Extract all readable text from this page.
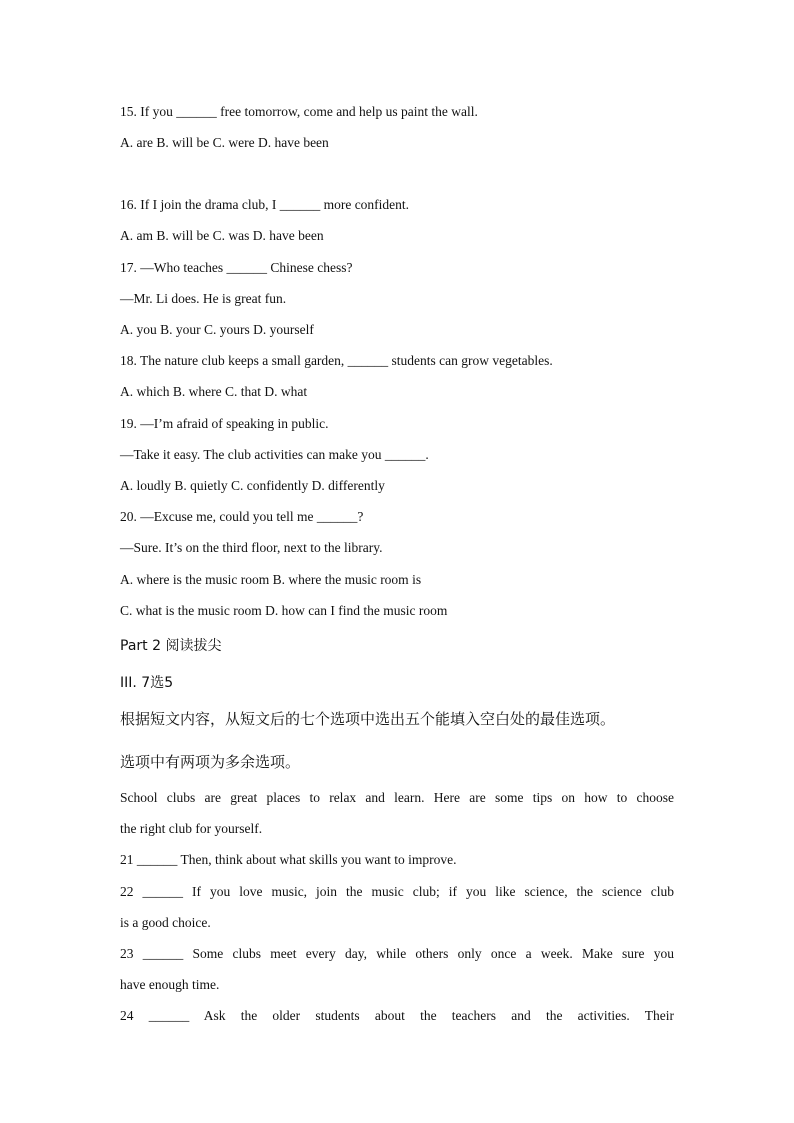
15. If you ______ free tomorrow, come and help us paint the wall.
A. are B. will be C. were D. have been
16. If I join the drama club, I ______ more confident.
A. am B. will be C. was D. have been
17. —Who teaches ______ Chinese chess?
—Mr. Li does. He is great fun.
A. you B. your C. yours D. yourself
18. The nature club keeps a small garden, ______ students can grow vegetables.
A. which B. where C. that D. what
19. —I’m afraid of speaking in public.
—Take it easy. The club activities can make you ______.
A. loudly B. quietly C. confidently D. differently
20. —Excuse me, could you tell me ______?
—Sure. It’s on the third floor, next to the library.
A. where is the music room B. where the music room is
C. what is the music room D. how can I find the music room
Part 2 阅读拔尖
III. 7选5
根据短文内容，从短文后的七个选项中选出五个能填入空白处的最佳选项。
选项中有两项为多余选项。
School clubs are great places to relax and learn. Here are some tips on how to choose
the right club for yourself.
21 ______ Then, think about what skills you want to improve.
22 ______ If you love music, join the music club; if you like science, the science club
is a good choice.
23 ______ Some clubs meet every day, while others only once a week. Make sure you
have enough time.
24 ______ Ask the older students about the teachers and the activities. Their
